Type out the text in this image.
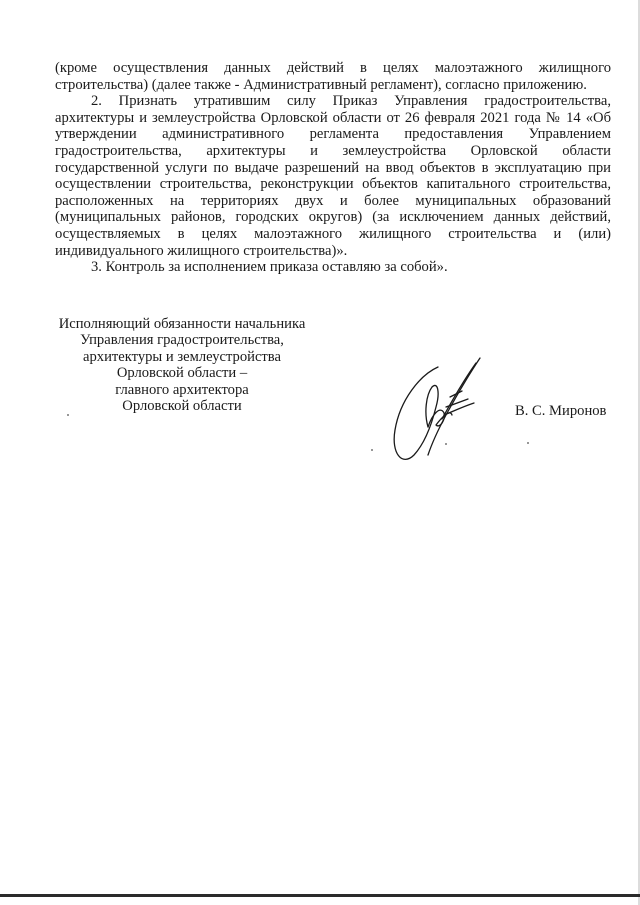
(кроме осуществления данных действий в целях малоэтажного жилищного строительства) (далее также - Административный регламент), согласно приложению.

2. Признать утратившим силу Приказ Управления градостроительства, архитектуры и землеустройства Орловской области от 26 февраля 2021 года № 14 «Об утверждении административного регламента предоставления Управлением градостроительства, архитектуры и землеустройства Орловской области государственной услуги по выдаче разрешений на ввод объектов в эксплуатацию при осуществлении строительства, реконструкции объектов капитального строительства, расположенных на территориях двух и более муниципальных образований (муниципальных районов, городских округов) (за исключением данных действий, осуществляемых в целях малоэтажного жилищного строительства и (или) индивидуального жилищного строительства)».

3. Контроль за исполнением приказа оставляю за собой».

Исполняющий обязанности начальника
Управления градостроительства,
архитектуры и землеустройства
Орловской области –
главного архитектора
Орловской области	В. С. Миронов
